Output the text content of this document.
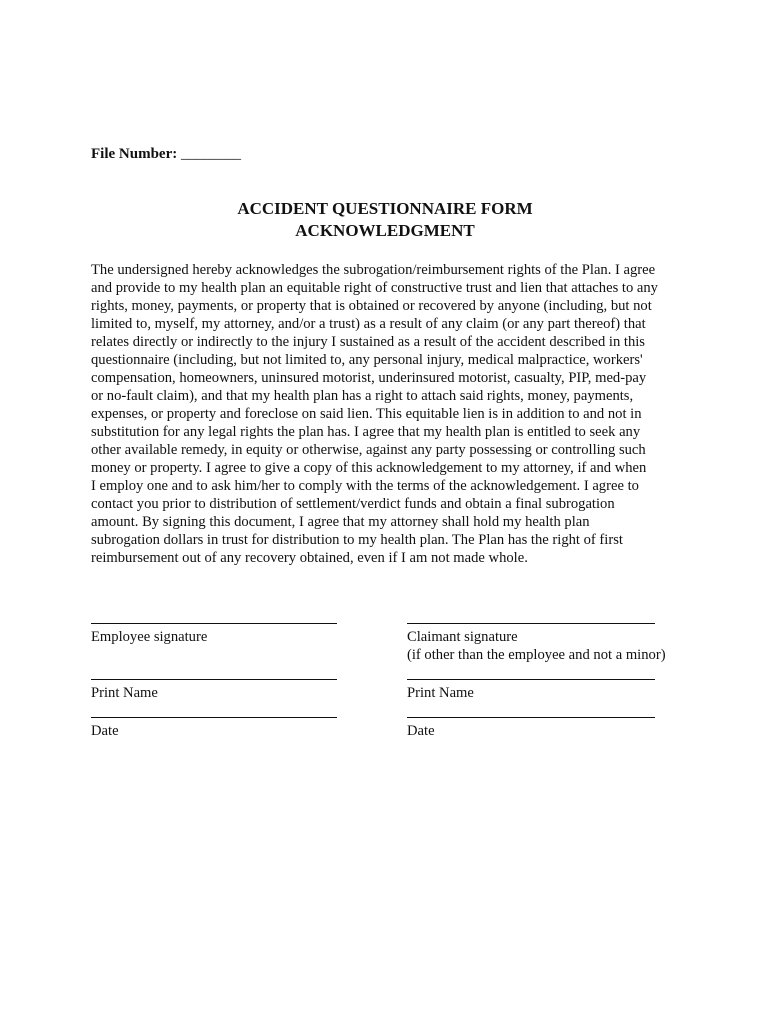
File Number: ________
ACCIDENT QUESTIONNAIRE FORM
ACKNOWLEDGMENT

The undersigned hereby acknowledges the subrogation/reimbursement rights of the Plan. I agree
and provide to my health plan an equitable right of constructive trust and lien that attaches to any
rights, money, payments, or property that is obtained or recovered by anyone (including, but not
limited to, myself, my attorney, and/or a trust) as a result of any claim (or any part thereof) that
relates directly or indirectly to the injury I sustained as a result of the accident described in this
questionnaire (including, but not limited to, any personal injury, medical malpractice, workers'
compensation, homeowners, uninsured motorist, underinsured motorist, casualty, PIP, med-pay
or no-fault claim), and that my health plan has a right to attach said rights, money, payments,
expenses, or property and foreclose on said lien. This equitable lien is in addition to and not in
substitution for any legal rights the plan has. I agree that my health plan is entitled to seek any
other available remedy, in equity or otherwise, against any party possessing or controlling such
money or property. I agree to give a copy of this acknowledgement to my attorney, if and when
I employ one and to ask him/her to comply with the terms of the acknowledgement. I agree to
contact you prior to distribution of settlement/verdict funds and obtain a final subrogation
amount. By signing this document, I agree that my attorney shall hold my health plan
subrogation dollars in trust for distribution to my health plan. The Plan has the right of first
reimbursement out of any recovery obtained, even if I am not made whole.

Employee signature	Claimant signature
(if other than the employee and not a minor)
Print Name	Print Name
Date	Date
